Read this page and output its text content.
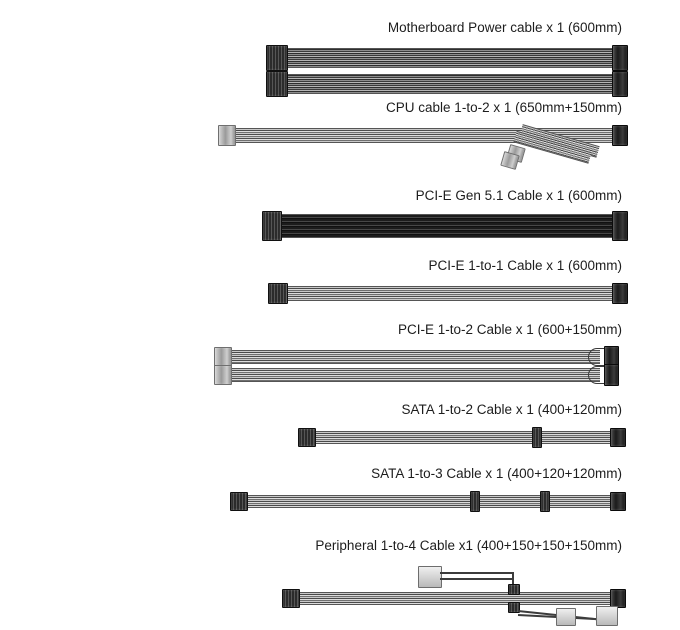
Motherboard Power cable x 1 (600mm)
CPU cable 1-to-2 x 1 (650mm+150mm)
PCI-E Gen 5.1 Cable x 1 (600mm)
PCI-E 1-to-1 Cable x 1 (600mm)
PCI-E 1-to-2 Cable x 1 (600+150mm)
SATA 1-to-2 Cable x 1 (400+120mm)
SATA 1-to-3 Cable x 1 (400+120+120mm)
Peripheral 1-to-4 Cable x1 (400+150+150+150mm)
